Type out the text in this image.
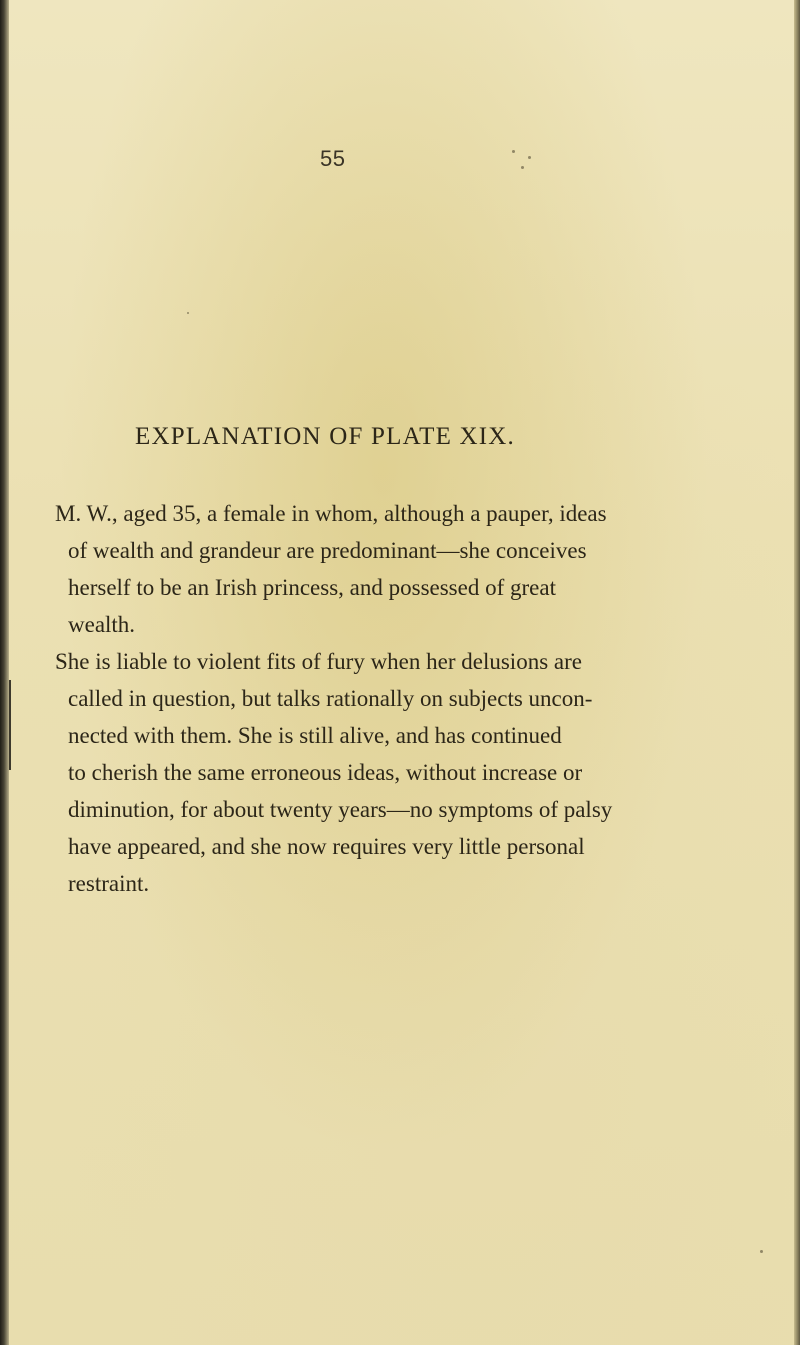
55
EXPLANATION OF PLATE XIX.
M. W., aged 35, a female in whom, although a pauper, ideas
of wealth and grandeur are predominant—she conceives
herself to be an Irish princess, and possessed of great
wealth.
She is liable to violent fits of fury when her delusions are
called in question, but talks rationally on subjects uncon-
nected with them. She is still alive, and has continued
to cherish the same erroneous ideas, without increase or
diminution, for about twenty years—no symptoms of palsy
have appeared, and she now requires very little personal
restraint.
